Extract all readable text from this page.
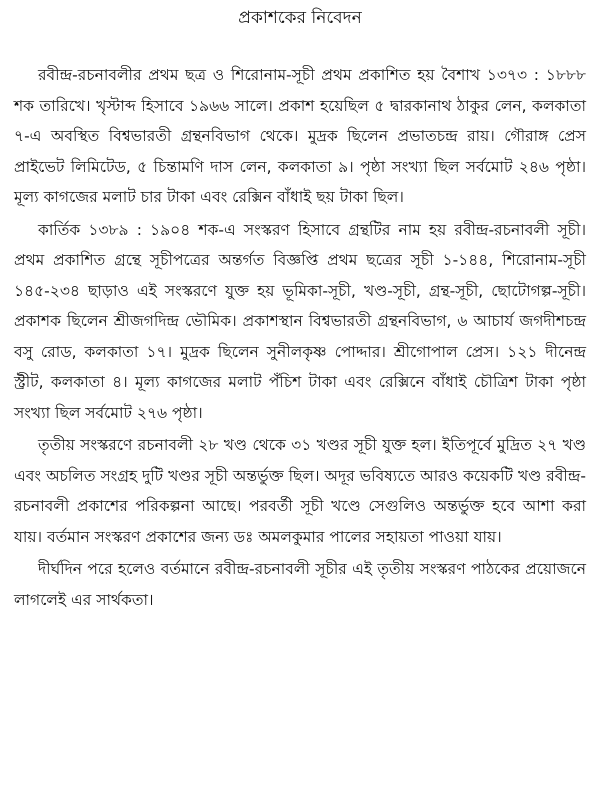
প্রকাশকের নিবেদন

রবীন্দ্র-রচনাবলীর প্রথম ছত্র ও শিরোনাম-সূচী প্রথম প্রকাশিত হয় বৈশাখ ১৩৭৩ : ১৮৮৮ শক তারিখে। খৃস্টাব্দ হিসাবে ১৯৬৬ সালে। প্রকাশ হয়েছিল ৫ দ্বারকানাথ ঠাকুর লেন, কলকাতা ৭-এ অবস্থিত বিশ্বভারতী গ্রন্থনবিভাগ থেকে। মুদ্রক ছিলেন প্রভাতচন্দ্র রায়। গৌরাঙ্গ প্রেস প্রাইভেট লিমিটেড, ৫ চিন্তামণি দাস লেন, কলকাতা ৯। পৃষ্ঠা সংখ্যা ছিল সর্বমোট ২৪৬ পৃষ্ঠা। মূল্য কাগজের মলাট চার টাকা এবং রেক্সিন বাঁধাই ছয় টাকা ছিল।

কার্তিক ১৩৮৯ : ১৯০৪ শক-এ সংস্করণ হিসাবে গ্রন্থটির নাম হয় রবীন্দ্র-রচনাবলী সূচী। প্রথম প্রকাশিত গ্রন্থে সূচীপত্রের অন্তর্গত বিজ্ঞপ্তি প্রথম ছত্রের সূচী ১-১৪৪, শিরোনাম-সূচী ১৪৫-২৩৪ ছাড়াও এই সংস্করণে যুক্ত হয় ভূমিকা-সূচী, খণ্ড-সূচী, গ্রন্থ-সূচী, ছোটোগল্প-সূচী। প্রকাশক ছিলেন শ্রীজগদিন্দ্র ভৌমিক। প্রকাশস্থান বিশ্বভারতী গ্রন্থনবিভাগ, ৬ আচার্য জগদীশচন্দ্র বসু রোড, কলকাতা ১৭। মুদ্রক ছিলেন সুনীলকৃষ্ণ পোদ্দার। শ্রীগোপাল প্রেস। ১২১ দীনেন্দ্র স্ট্রীট, কলকাতা ৪। মূল্য কাগজের মলাট পঁচিশ টাকা এবং রেক্সিনে বাঁধাই চৌত্রিশ টাকা পৃষ্ঠা সংখ্যা ছিল সর্বমোট ২৭৬ পৃষ্ঠা।

তৃতীয় সংস্করণে রচনাবলী ২৮ খণ্ড থেকে ৩১ খণ্ডর সূচী যুক্ত হল। ইতিপূর্বে মুদ্রিত ২৭ খণ্ড এবং অচলিত সংগ্রহ দুটি খণ্ডর সূচী অন্তর্ভুক্ত ছিল। অদূর ভবিষ্যতে আরও কয়েকটি খণ্ড রবীন্দ্র-রচনাবলী প্রকাশের পরিকল্পনা আছে। পরবর্তী সূচী খণ্ডে সেগুলিও অন্তর্ভুক্ত হবে আশা করা যায়। বর্তমান সংস্করণ প্রকাশের জন্য ডঃ অমলকুমার পালের সহায়তা পাওয়া যায়।

দীর্ঘদিন পরে হলেও বর্তমানে রবীন্দ্র-রচনাবলী সূচীর এই তৃতীয় সংস্করণ পাঠকের প্রয়োজনে লাগলেই এর সার্থকতা।
